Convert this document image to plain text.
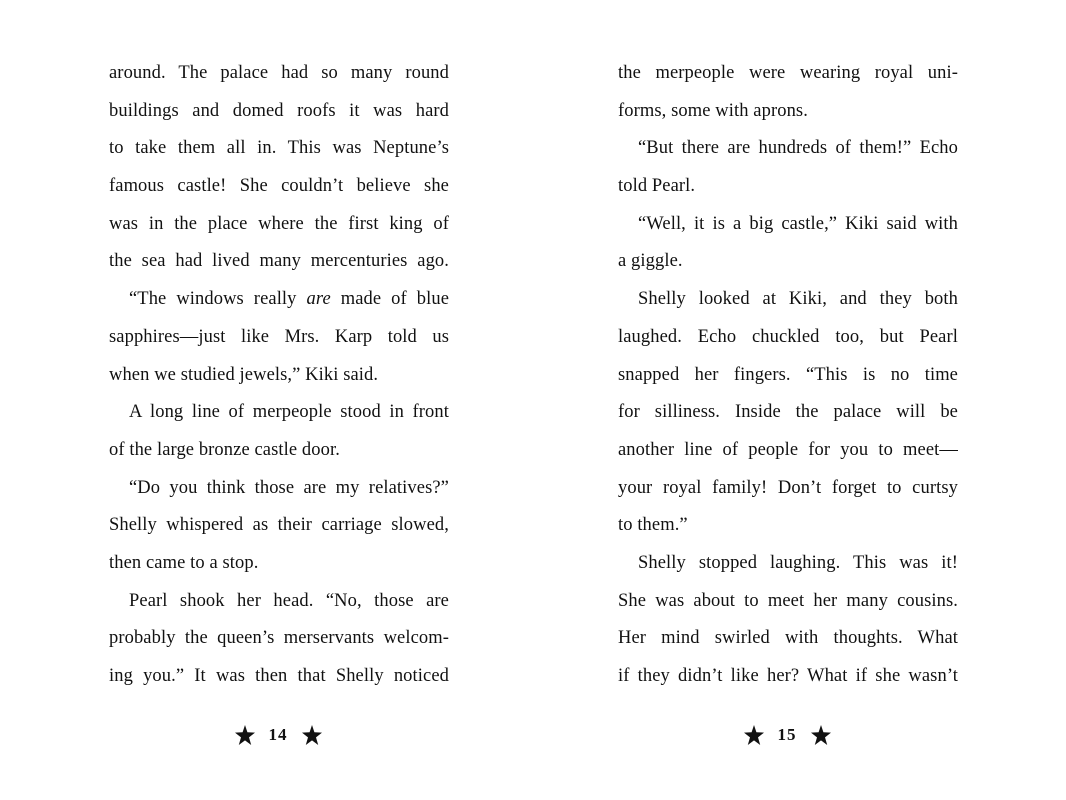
around. The palace had so many round
buildings and domed roofs it was hard
to take them all in. This was Neptune’s
famous castle! She couldn’t believe she
was in the place where the first king of
the sea had lived many mercenturies ago.
“The windows really are made of blue
sapphires—just like Mrs. Karp told us
when we studied jewels,” Kiki said.
A long line of merpeople stood in front
of the large bronze castle door.
“Do you think those are my relatives?”
Shelly whispered as their carriage slowed,
then came to a stop.
Pearl shook her head. “No, those are
probably the queen’s merservants welcom-
ing you.” It was then that Shelly noticed
14
the merpeople were wearing royal uni-
forms, some with aprons.
“But there are hundreds of them!” Echo
told Pearl.
“Well, it is a big castle,” Kiki said with
a giggle.
Shelly looked at Kiki, and they both
laughed. Echo chuckled too, but Pearl
snapped her fingers. “This is no time
for silliness. Inside the palace will be
another line of people for you to meet—
your royal family! Don’t forget to curtsy
to them.”
Shelly stopped laughing. This was it!
She was about to meet her many cousins.
Her mind swirled with thoughts. What
if they didn’t like her? What if she wasn’t
15
